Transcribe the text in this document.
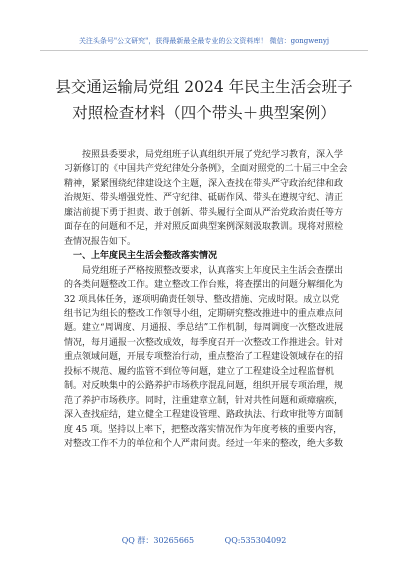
关注头条号"公文研究"，获得最新最全最专业的公文资料库！ 微信：gongwenyj
县交通运输局党组 2024 年民主生活会班子
对照检查材料（四个带头＋典型案例）

按照县委要求，局党组班子认真组织开展了党纪学习教育，深入学习新修订的《中国共产党纪律处分条例》，全面对照党的二十届三中全会精神，紧紧围绕纪律建设这个主题，深入查找在带头严守政治纪律和政治规矩、带头增强党性、严守纪律、砥砺作风、带头在遵规守纪、清正廉洁前提下勇于担责、敢于创新、带头履行全面从严治党政治责任等方面存在的问题和不足，并对照反面典型案例深刻汲取教训。现将对照检查情况报告如下。

一、上年度民主生活会整改落实情况

局党组班子严格按照整改要求，认真落实上年度民主生活会查摆出的各类问题整改工作。建立整改工作台账，将查摆出的问题分解细化为 32 项具体任务，逐项明确责任领导、整改措施、完成时限。成立以党组书记为组长的整改工作领导小组，定期研究整改推进中的重点难点问题。建立“周调度、月通报、季总结”工作机制，每周调度一次整改进展情况，每月通报一次整改成效，每季度召开一次整改工作推进会。针对重点领域问题，开展专项整治行动，重点整治了工程建设领域存在的招投标不规范、履约监管不到位等问题，建立了工程建设全过程监督机制。对反映集中的公路养护市场秩序混乱问题，组织开展专项治理，规范了养护市场秩序。同时，注重建章立制，针对共性问题和顽瘴痼疾，深入查找症结，建立健全工程建设管理、路政执法、行政审批等方面制度 45 项。坚持以上率下，把整改落实情况作为年度考核的重要内容，对整改工作不力的单位和个人严肃问责。经过一年来的整改，绝大多数

QQ 群：30265665	QQ:535304092
